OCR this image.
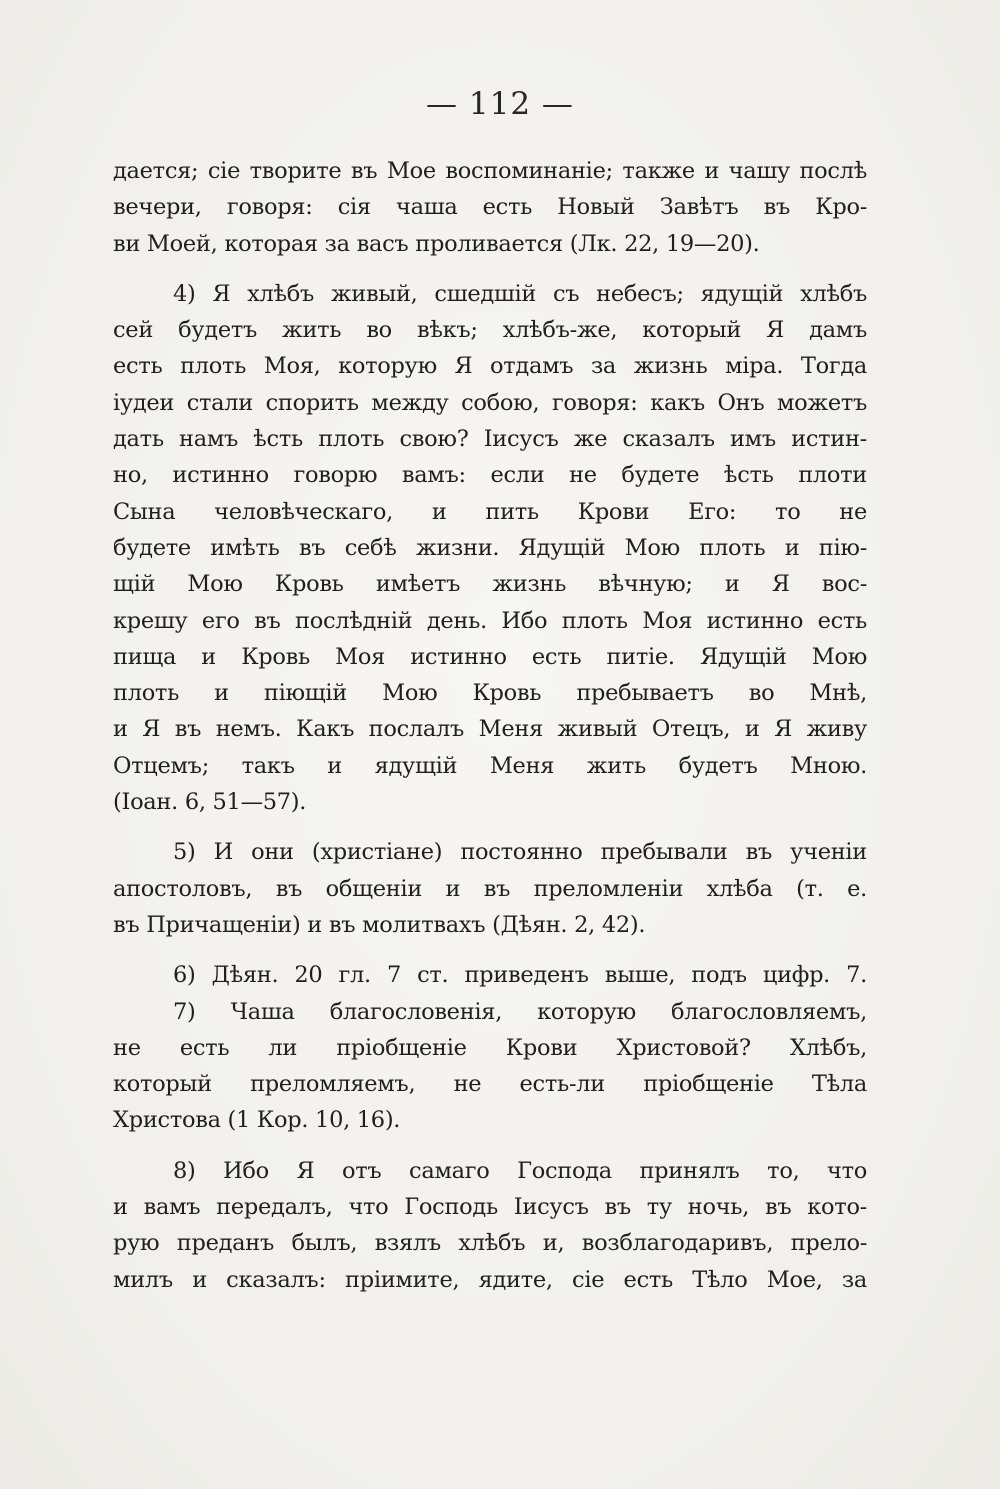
— 112 —
дается; сіе творите въ Мое воспоминаніе; также и чашу послѣ
вечери, говоря: сія чаша есть Новый Завѣтъ въ Кро-
ви Моей, которая за васъ проливается (Лк. 22, 19—20).
4) Я хлѣбъ живый, сшедшій съ небесъ; ядущій хлѣбъ
сей будетъ жить во вѣкъ; хлѣбъ-же, который Я дамъ
есть плоть Моя, которую Я отдамъ за жизнь міра. Тогда
іудеи стали спорить между собою, говоря: какъ Онъ можетъ
дать намъ ѣсть плоть свою? Іисусъ же сказалъ имъ истин-
но, истинно говорю вамъ: если не будете ѣсть плоти
Сына человѣческаго, и пить Крови Его: то не
будете имѣть въ себѣ жизни. Ядущій Мою плоть и пію-
щій Мою Кровь имѣетъ жизнь вѣчную; и Я вос-
крешу его въ послѣдній день. Ибо плоть Моя истинно есть
пища и Кровь Моя истинно есть питіе. Ядущій Мою
плоть и піющій Мою Кровь пребываетъ во Мнѣ,
и Я въ немъ. Какъ послалъ Меня живый Отецъ, и Я живу
Отцемъ; такъ и ядущій Меня жить будетъ Мною.
(Іоан. 6, 51—57).
5) И они (христіане) постоянно пребывали въ ученіи
апостоловъ, въ общеніи и въ преломленіи хлѣба (т. е.
въ Причащеніи) и въ молитвахъ (Дѣян. 2, 42).
6) Дѣян. 20 гл. 7 ст. приведенъ выше, подъ цифр. 7.
7) Чаша благословенія, которую благословляемъ,
не есть ли пріобщеніе Крови Христовой? Хлѣбъ,
который преломляемъ, не есть-ли пріобщеніе Тѣла
Христова (1 Кор. 10, 16).
8) Ибо Я отъ самаго Господа принялъ то, что
и вамъ передалъ, что Господь Іисусъ въ ту ночь, въ кото-
рую преданъ былъ, взялъ хлѣбъ и, возблагодаривъ, прело-
милъ и сказалъ: пріимите, ядите, сіе есть Тѣло Мое, за
